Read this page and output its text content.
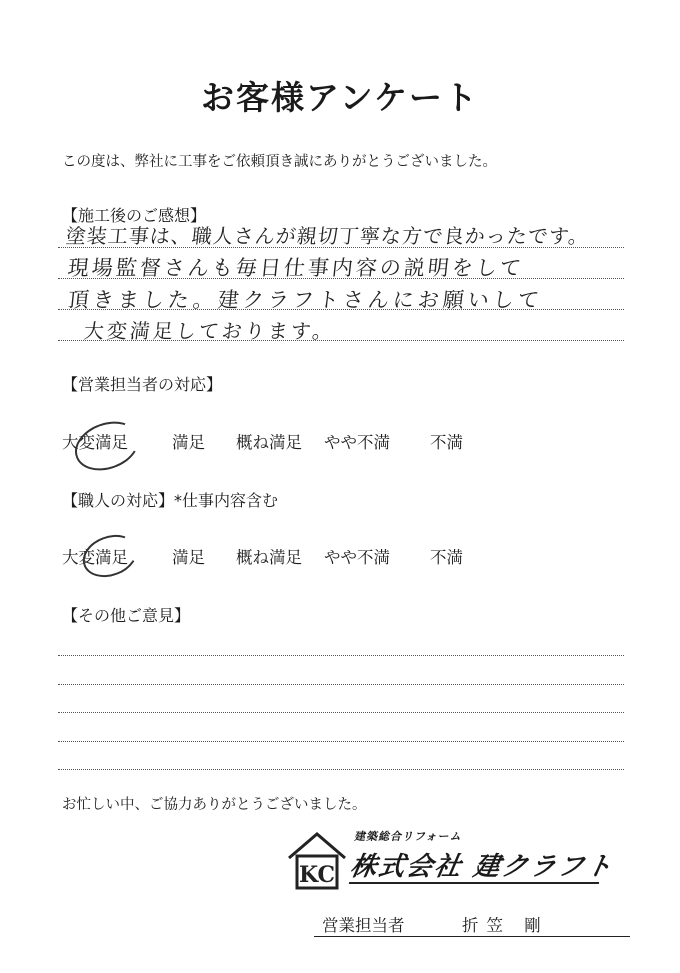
お客様アンケート
この度は、弊社に工事をご依頼頂き誠にありがとうございました。
【施工後のご感想】
塗装工事は、職人さんが親切丁寧な方で良かったです。
現場監督さんも毎日仕事内容の説明をして
頂きました。建クラフトさんにお願いして
大変満足しております。
【営業担当者の対応】
大変満足	満足 概ね満足 やや不満 不満
【職人の対応】*仕事内容含む
大変満足	満足 概ね満足 やや不満 不満
【その他ご意見】
お忙しい中、ご協力ありがとうございました。
KC
建築総合リフォーム
株式会社 建クラフト
営業担当者	折笠 剛
